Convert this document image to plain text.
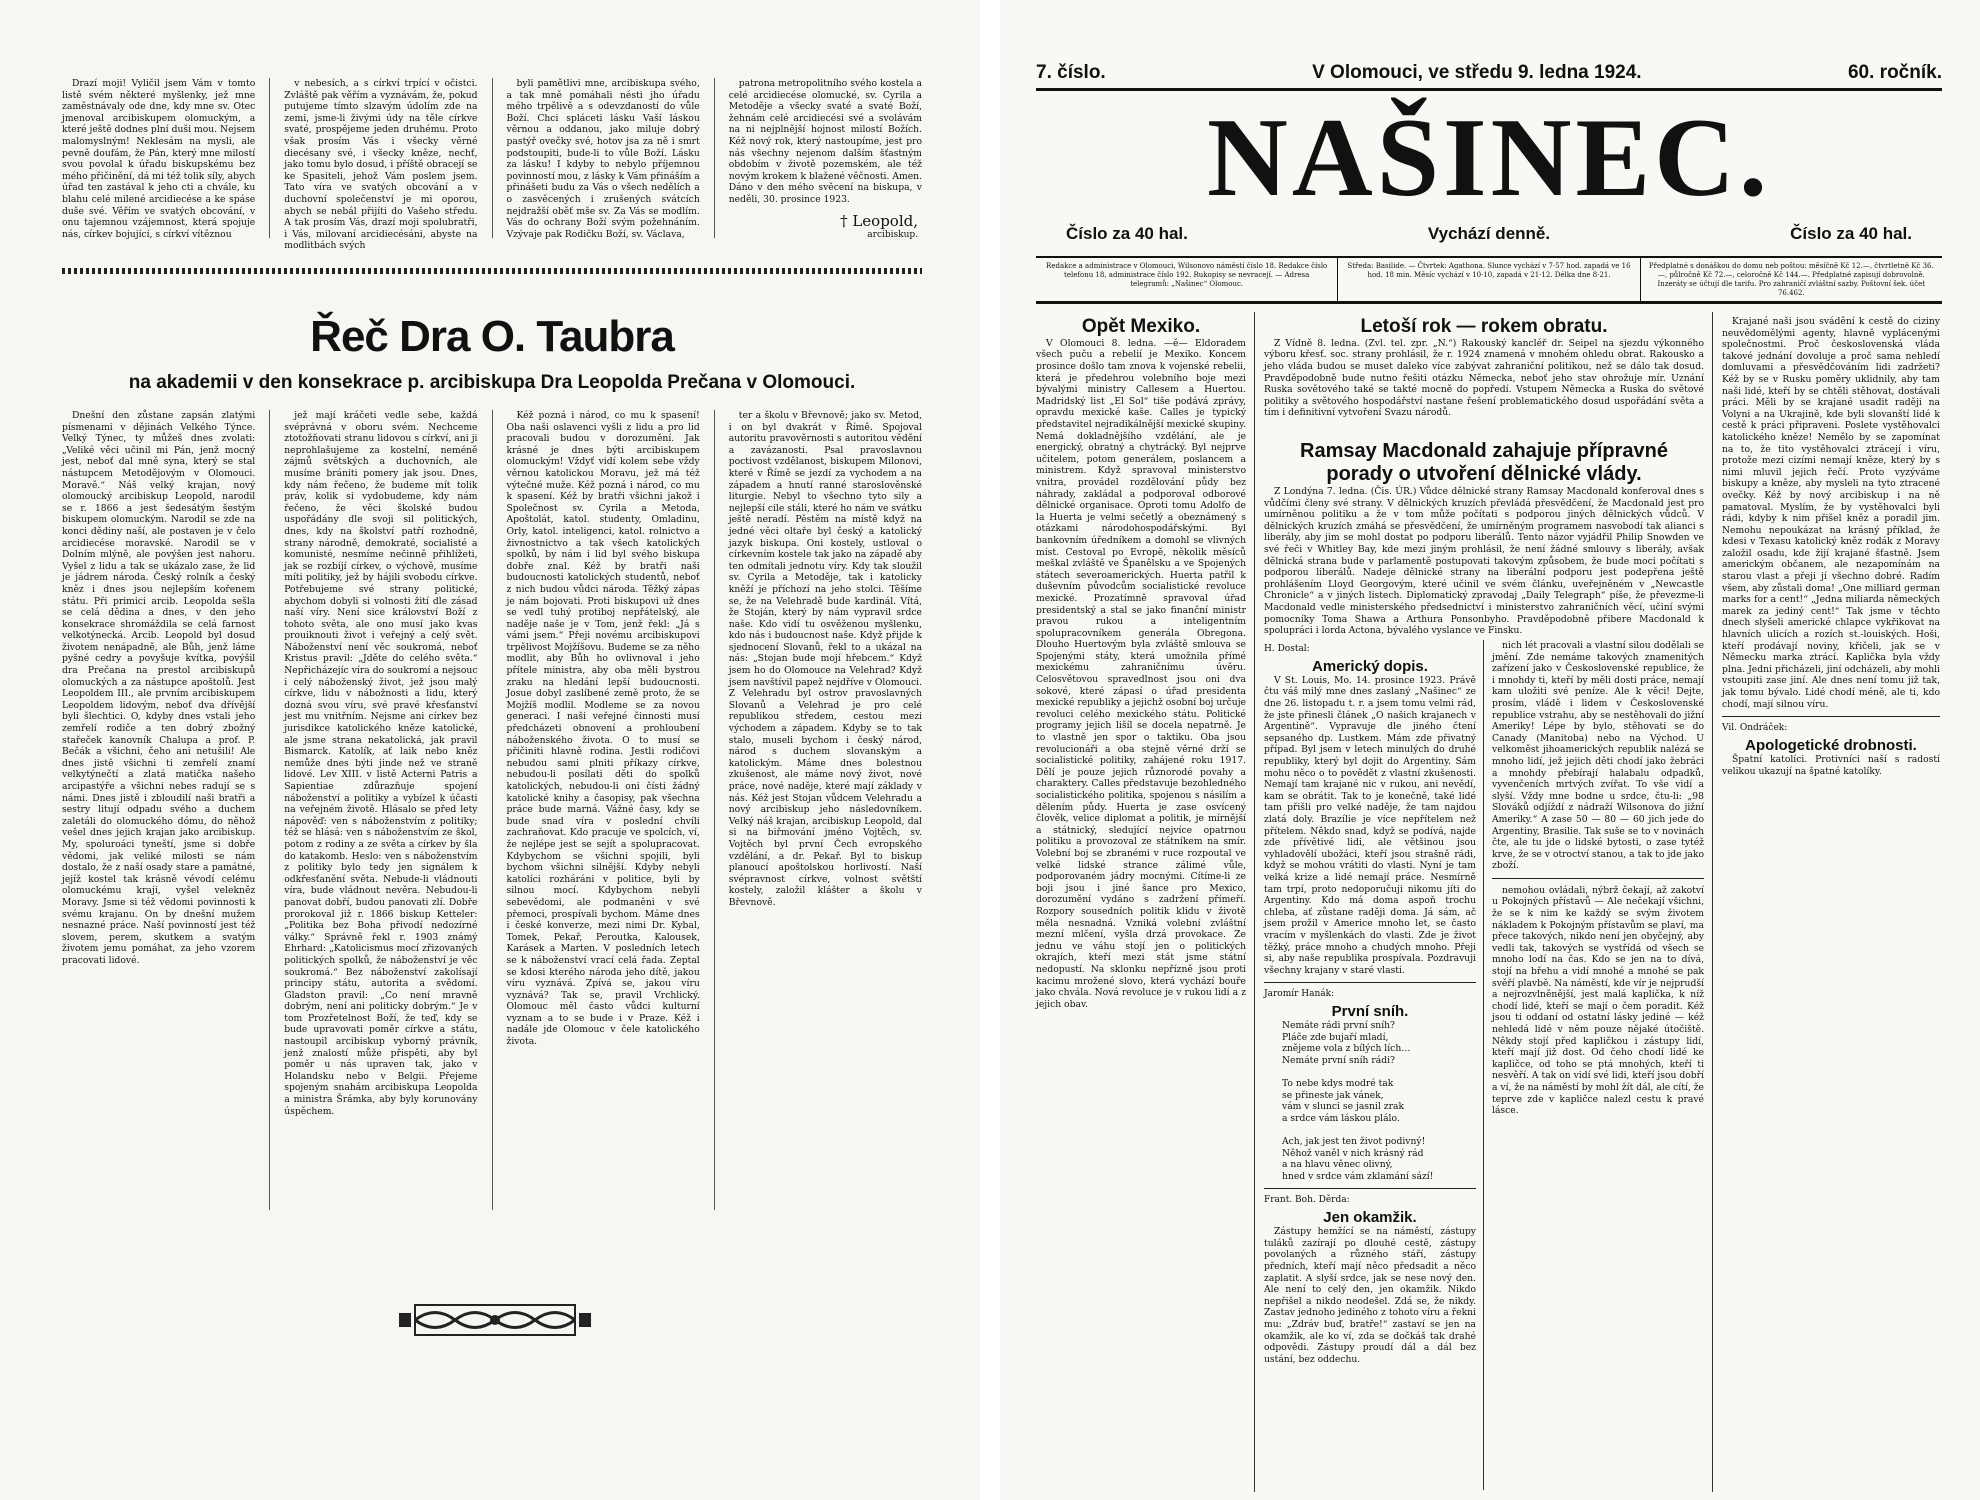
Drazí moji! Vyličil jsem Vám v tomto listě svém některé myšlenky, jež mne zaměstnávaly ode dne, kdy mne sv. Otec jmenoval arcibiskupem olomuckým, a které ještě dodnes plní duši mou. Nejsem malomyslným! Neklesám na mysli, ale pevně doufám, že Pán, který mne milostí svou povolal k úřadu biskupskému bez mého přičinění, dá mi též tolik síly, abych úřad ten zastával k jeho cti a chvále, ku blahu celé milené arcidiecése a ke spáse duše své. Věřím ve svatých obcování, v onu tajemnou vzájemnost, která spojuje nás, církev bojující, s církví vítěznou

v nebesích, a s církví trpící v očistci. Zvláště pak věřím a vyznávám, že, pokud putujeme tímto slzavým údolím zde na zemi, jsme-li živými údy na těle církve svaté, prospějeme jeden druhému. Proto však prosím Vás i všecky věrné diecésany své, i všecky kněze, nechť, jako tomu bylo dosud, i příště obracejí se ke Spasiteli, jehož Vám poslem jsem. Tato víra ve svatých obcování a v duchovní společenství je mi oporou, abych se nebál přijíti do Vašeho středu. A tak prosím Vás, drazí moji spolubratři, i Vás, milovaní arcidiecésáni, abyste na modlitbách svých

byli pamětlivi mne, arcibiskupa svého, a tak mně pomáhali nésti jho úřadu mého trpělivě a s odevzdaností do vůle Boží. Chci spláceti lásku Vaší láskou věrnou a oddanou, jako miluje dobrý pastýř ovečky své, hotov jsa za ně i smrt podstoupiti, bude-li to vůle Boží. Lásku za lásku! I kdyby to nebylo příjemnou povinností mou, z lásky k Vám přináším a přinášeti budu za Vás o všech nedělích a o zasvěcených i zrušených svátcích nejdražší oběť mše sv. Za Vás se modlím. Vás do ochrany Boží svým požehnáním. Vzývaje pak Rodičku Boží, sv. Václava,

patrona metropolitního svého kostela a celé arcidiecése olomucké, sv. Cyrila a Metoděje a všecky svaté a svaté Boží, žehnám celé arcidiecési své a svolávám na ni nejplnější hojnost milostí Božích. Kéž nový rok, který nastoupíme, jest pro nás všechny nejenom dalším šťastným obdobím v životě pozemském, ale též novým krokem k blažené věčnosti. Amen. Dáno v den mého svěcení na biskupa, v neděli, 30. prosince 1923.

† Leopold,
arcibiskup.
Řeč Dra O. Taubra
na akademii v den konsekrace p. arcibiskupa Dra Leopolda Prečana v Olomouci.

Dnešní den zůstane zapsán zlatými písmenami v dějinách Velkého Týnce. Velký Týnec, ty můžeš dnes zvolati: „Veliké věci učinil mi Pán, jenž mocný jest, neboť dal mně syna, který se stal nástupcem Metodějovým v Olomouci. Moravě.“ Náš velký krajan, nový olomoucký arcibiskup Leopold, narodil se r. 1866 a jest šedesátým šestým biskupem olomuckým. Narodil se zde na konci dědiny naší, ale postaven je v čelo arcidiecése moravské. Narodil se v Dolním mlýně, ale povýšen jest nahoru. Vyšel z lidu a tak se ukázalo zase, že lid je jádrem národa. Český rolník a český kněz i dnes jsou nejlepším kořenem státu. Při primici arcib. Leopolda sešla se celá dědina a dnes, v den jeho konsekrace shromáždila se celá farnost velkotýnecká. Arcib. Leopold byl dosud životem nenápadně, ale Bůh, jenž láme pyšné cedry a povyšuje kvítka, povýšil dra Prečana na prestol arcibiskupů olomuckých a za nástupce apoštolů. Jest Leopoldem III., ale prvním arcibiskupem Leopoldem lidovým, neboť dva dřívější byli šlechtici. O, kdyby dnes vstali jeho zemřelí rodiče a ten dobrý zbožný stařeček kanovník Chalupa a prof. P. Bečák a všichni, čeho ani netušili! Ale dnes jistě všichni ti zemřelí znamí velkytýnečtí a zlatá matička našeho arcipastýře a všichni nebes radují se s námi. Dnes jistě i zbloudilí naši bratři a sestry litují odpadu svého a duchem zaletáli do olomuckého dómu, do něhož vešel dnes jejich krajan jako arcibiskup. My, spoluroáci tyneští, jsme si dobře vědomi, jak veliké milosti se nám dostalo, že z naší osady stare a památné, jejíž kostel tak krásně vévodí celému olomuckému kraji, vyšel velekněz Moravy. Jsme si též vědomi povinnosti k svému krajanu. On by dnešní mužem nesnazné práce. Naší povinností jest též slovem, perem, skutkem a svatým životem jemu pomáhat, za jeho vzorem pracovati lidové.

jež mají kráčeti vedle sebe, každá svéprávná v oboru svém. Nechceme ztotožňovati stranu lidovou s církví, ani ji neprohlašujeme za kostelní, neméně zájmů světských a duchovních, ale musíme brániti pomery jak jsou. Dnes, kdy nám řečeno, že budeme mít tolik práv, kolik si vydobudeme, kdy nám řečeno, že věci školské budou uspořádány dle svoji sil politických, dnes, kdy na školství patří rozhodně, strany národně, demokraté, socialisté a komunisté, nesmíme nečinně přihlížeti, jak se rozbíjí církev, o výchově, musíme míti politiky, jež by hájili svobodu církve. Potřebujeme své strany politické, abychom dobyli si volnosti žití dle zásad naší víry. Není sice království Boží z tohoto světa, ale ono musí jako kvas prouiknouti život i veřejný a celý svět. Náboženství není věc soukromá, neboť Kristus pravil: „Jděte do celého světa.“ Nepřicházejíc víra do soukromí a nejsouc i celý náboženský život, jež jsou malý církve, lidu v nábožnosti a lidu, který dozná svou víru, své pravé křesťanství jest mu vnitřním. Nejsme ani církev bez jurisdikce katolického kněze katolické, ale jsme strana nekatolická, jak pravil Bismarck. Katolík, ať laik nebo kněz nemůže dnes býti jinde než ve straně lidové. Lev XIII. v listě Acterni Patris a Sapientiae zdůrazňuje spojení náboženství a politiky a vybízel k účasti na veřejném životě. Hlásalo se před lety nápověď: ven s náboženstvím z politiky; též se hlásá: ven s náboženstvím ze škol, potom z rodiny a ze světa a církev by šla do katakomb. Heslo: ven s náboženstvím z politiky bylo tedy jen signálem k odkřesťanění světa. Nebude-li vládnouti víra, bude vládnout nevěra. Nebudou-li panovat dobří, budou panovati zlí. Dobře prorokoval již r. 1866 biskup Ketteler: „Politika bez Boha přivodí nedozírné války.“ Správně řekl r. 1903 známý Ehrhard: „Katolicismus mocí zřizovaných politických spolků, že náboženství je věc soukromá.“ Bez náboženství zakolísají principy státu, autorita a svědomí. Gladston pravil: „Co není mravně dobrým, není ani politicky dobrým.“ Je v tom Prozřetelnost Boží, že teď, kdy se bude upravovati poměr církve a státu, nastoupil arcibiskup vyborný právník, jenž znalostí může přispěti, aby byl poměr u nás upraven tak, jako v Holandsku nebo v Belgii. Přejeme spojeným snahám arcibiskupa Leopolda a ministra Šrámka, aby byly korunovány úspěchem.

Kéž pozná i národ, co mu k spasení! Oba naši oslavenci vyšli z lidu a pro lid pracovali budou v dorozumění. Jak krásné je dnes býti arcibiskupem olomuckým! Vždyť vidí kolem sebe vždy věrnou katolickou Moravu, jež má též výtečné muže. Kéž pozná i národ, co mu k spasení. Kéž by bratři všichni jakož i Společnost sv. Cyrila a Metoda, Apoštolát, katol. studenty, Omladinu, Orly, katol. inteligenci, katol. rolnictvo a živnostnictvo a tak všech katolických spolků, by nám i lid byl svého biskupa dobře znal. Kéž by bratři naši budoucnosti katolických studentů, neboť z nich budou vůdci národa. Těžký zápas je nám bojovati. Proti biskupovi už dnes se vedl tuhý protiboj nepřátelský, ale naděje naše je v Tom, jenž řekl: „Já s vámi jsem.“ Přeji novému arcibiskupovi trpělivost Mojžíšovu. Budeme se za něho modlit, aby Bůh ho ovlivnoval i jeho přítele ministra, aby oba měli bystrou zraku na hledání lepší budoucnosti. Josue dobyl zaslíbené země proto, že se Mojžíš modlil. Modleme se za novou generaci. I naši veřejné činnosti musí předcházeti obnovení a prohloubení náboženského života. O to musí se přičiniti hlavně rodina. Jestli rodičovi nebudou sami plniti příkazy církve, nebudou-li posílati děti do spolků katolických, nebudou-li oni čísti žádný katolické knihy a časopisy, pak všechna práce bude marná. Vážné časy, kdy se bude snad víra v poslední chvíli zachraňovat. Kdo pracuje ve spolcích, ví, že nejlépe jest se sejít a spolupracovat. Kdybychom se všichni spojili, byli bychom všichni silnější. Kdyby nebyli katolíci rozháráni v politice, byli by silnou mocí. Kdybychom nebyli sebevědomi, ale podmaněni v své přemoci, prospívali bychom. Máme dnes i české konverze, mezi nimi Dr. Kybal, Tomek, Pekař, Peroutka, Kalousek, Karásek a Marten. V posledních letech se k náboženství vrací celá řada. Zeptal se kdosi kterého národa jeho dítě, jakou víru vyznává. Zpívá se, jakou víru vyznává? Tak se, pravil Vrchlický. Olomouc měl často vůdci kulturní vyznam a to se bude i v Praze. Kéž i nadále jde Olomouc v čele katolického života.

ter a školu v Břevnově; jako sv. Metod, i on byl dvakrát v Římě. Spojoval autoritu pravověrnosti s autoritou vědění a zavázanosti. Psal pravoslavnou poctivost vzdělanost, biskupem Milonovi, které v Římě se jezdí za vychodem a na západem a hnutí ranné staroslověnské liturgie. Nebyl to všechno tyto sily a nejlepší cile stáli, které ho nám ve svátku ještě neradí. Pěstěm na místě když na jedné věci oltaře byl český a katolický jazyk biskupa. Oni kostely, ustloval o církevním kostele tak jako na západě aby ten odmítali jednotu víry. Kdy tak sloužil sv. Cyrila a Metoděje, tak i katolicky kněží je příchozí na jeho stolci. Těšíme se, že na Velehradě bude kardinál. Vítá, že Stoján, který by nám vypravil srdce naše. Kdo vidí tu osvěženou myšlenku, kdo nás i budoucnost naše. Když přijde k sjednocení Slovanů, řekl to a ukázal na nás: „Stojan bude mojí hřebcem.“ Když jsem ho do Olomouce na Velehrad? Když jsem navštívil papež nejdříve v Olomouci. Z Velehradu byl ostrov pravoslavných Slovanů a Velehrad je pro celé republikou středem, cestou mezi východem a západem. Kdyby se to tak stalo, museli bychom i český národ, národ s duchem slovanským a katolickým. Máme dnes bolestnou zkušenost, ale máme nový život, nové práce, nové naděje, které mají základy v nás. Kéž jest Stojan vůdcem Velehradu a nový arcibiskup jeho následovníkem. Velký náš krajan, arcibiskup Leopold, dal si na biřmování jméno Vojtěch, sv. Vojtěch byl první Čech evropského vzdělání, a dr. Pekař. Byl to biskup planoucí apoštolskou horlivostí. Naší svépravnost církve, volnost světští kostely, založil klášter a školu v Břevnově.

7. číslo.	V Olomouci, ve středu 9. ledna 1924.	60. ročník.
NAŠINEC.
Číslo za 40 hal.	Vychází denně.	Číslo za 40 hal.
Redakce a administrace v Olomouci, Wilsonovo náměstí číslo 18. Redakce číslo telefonu 18, administrace číslo 192. Rukopisy se nevracejí. — Adresa telegramů: „Našinec“ Olomouc.
Středa: Basilide. — Čtvrtek: Agathona. Slunce vychází v 7·57 hod. zapadá ve 16 hod. 18 min. Měsíc vychází v 10·10, zapadá v 21·12. Délka dne 8·21.
Předplatné s donáškou do domu neb poštou: měsíčně Kč 12.—, čtvrtletně Kč 36.—, půlročně Kč 72.—, celoročně Kč 144.—. Předplatné zapisují dobrovolně. Inzeráty se účtují dle tarifu. Pro zahraničí zvláštní sazby. Poštovní šek. účet 76.462.
Opět Mexiko.

V Olomouci 8. ledna. —ě— Eldoradem všech puču a rebelií je Mexiko. Koncem prosince došlo tam znova k vojenské rebelii, která je předehrou volebního boje mezi bývalými ministry Callesem a Huertou. Madridský list „El Sol“ tiše podává zprávy, opravdu mexické kaše. Calles je typický představitel nejradikálnější mexické skupiny. Nemá dokladnějšího vzdělání, ale je energický, obratný a chytrácký. Byl nejprve učitelem, potom generálem, poslancem a ministrem. Když spravoval ministerstvo vnitra, provádel rozdělování půdy bez náhrady, zakládal a podporoval odborové dělnické organisace. Oproti tomu Adolfo de la Huerta je velmi sečetlý a obeznámený s otázkami národohospodářskými. Byl bankovním úředníkem a domohl se vlivných míst. Cestoval po Evropě, několik měsíců meškal zvláště ve Španělsku a ve Spojených státech severoamerických. Huerta patřil k duševním původcům socialistické revoluce mexické. Prozatímně spravoval úřad presidentský a stal se jako finanční ministr pravou rukou a inteligentním spolupracovníkem generála Obregona. Dlouho Huertovým byla zvláště smlouva se Spojenými státy, která umožnila přímé mexickému zahraničnímu úvěru. Celosvětovou spravedlnost jsou oni dva sokové, které zápasí o úřad presidenta mexické republiky a jejichž osobní boj určuje revoluci celého mexického státu. Politické programy jejich lišíl se docela nepatrně. Je to vlastně jen spor o taktiku. Oba jsou revolucionáři a oba stejně věrné drží se socialistické politiky, zahájené roku 1917. Dělí je pouze jejich různorodé povahy a charaktery. Calles představuje bezohledného socialistického politika, spojenou s násilím a dělením půdy. Huerta je zase osvícený člověk, velice diplomat a politik, je mírnější a státnický, sledující nejvíce opatrnou politiku a provozoval ze státníkem na smír. Volební boj se zbranémi v ruce rozpoutal ve velké lidské strance zálimé vůle, podporovaném jádry mocnými. Cítíme-li ze boji jsou i jiné šance pro Mexico, dorozumění vydáno s zadržení přímeří. Rozpory sousedních politik klidu v životě měla nesnadná. Vzniká volební zvláštní mezní mlčení, vyšla drzá provokace. Ze jednu ve váhu stojí jen o politických okrajích, kteří mezi stát jsme státní nedopustí. Na sklonku nepřízně jsou proti kacimu mrožené slovo, která vychází bouře jako chvála. Nová revoluce je v rukou lidí a z jejich obav.

Letoší rok — rokem obratu.

Z Vídně 8. ledna. (Zvl. tel. zpr. „N.“) Rakouský kancléř dr. Seipel na sjezdu výkonného výboru křesť. soc. strany prohlásil, že r. 1924 znamená v mnohém ohledu obrat. Rakousko a jeho vláda budou se muset daleko více zabývat zahraniční politikou, než se dálo tak dosud. Pravděpodobně bude nutno řešiti otázku Německa, neboť jeho stav ohrožuje mír. Uznání Ruska sovětového také se takté mocně do popředí. Vstupem Německa a Ruska do světové politiky a světového hospodářství nastane řešení problematického dosud uspořádání světa a tím i definitivní vytvoření Svazu národů.

Ramsay Macdonald zahajuje přípravné porady o utvoření dělnické vlády.

Z Londýna 7. ledna. (Čis. ÚR.) Vůdce dělnické strany Ramsay Macdonald konferoval dnes s vůdčími členy své strany. V dělnických kruzích převládá přesvědčení, že Macdonald jest pro umírněnou politiku a že v tom může počítati s podporou jiných dělnických vůdců. V dělnických kruzích zmáhá se přesvědčení, že umírněným programem nasvobodí tak alianci s liberály, aby jim se mohl dostat po podporu liberálů. Tento názor vyjádřil Philip Snowden ve své řeči v Whitley Bay, kde mezi jiným prohlásil, že není žádné smlouvy s liberály, avšak dělnická strana bude v parlamentě postupovati takovým způsobem, že bude moci počítati s podporou liberálů. Nadeje dělnické strany na liberální podporu jest podepřena ještě prohlášením Lloyd Georgovým, které učinil ve svém článku, uveřejněném v „Newcastle Chronicle“ a v jiných listech. Diplomatický zpravodaj „Daily Telegraph“ píše, že převezme-li Macdonald vedle ministerského předsednictví i ministerstvo zahraničních věcí, učiní svými pomocníky Toma Shawa a Arthura Ponsonbyho. Pravděpodobně přibere Macdonald k spolupráci i lorda Actona, bývalého vyslance ve Finsku.

H. Dostal:
Americký dopis.

V St. Louis, Mo. 14. prosince 1923. Právě čtu váš milý mne dnes zaslaný „Našinec“ ze dne 26. listopadu t. r. a jsem tomu velmi rád, že jste přinesli článek „O našich krajanech v Argentině“. Vypravuje dle jiného čtení sepsaného dp. Lustkem. Mám zde přivatný případ. Byl jsem v letech minulých do druhé republiky, který byl dojit do Argentiny. Sám mohu něco o to povědět z vlastní zkušenosti. Nemají tam krajané nic v rukou, ani nevědí, kam se obrátit. Tak to je konečně, také lidé tam přišli pro velké naděje, že tam najdou zlatá doly. Brazílie je více nepřítelem než přítelem. Někdo snad, když se podívá, najde zde přívětivé lidi, ale většinou jsou vyhladovělí ubožáci, kteří jsou strašně rádi, když se mohou vrátiti do vlasti. Nyní je tam velká krize a lidé nemají práce. Nesmírně tam trpí, proto nedoporučuji nikomu jíti do Argentiny. Kdo má doma aspoň trochu chleba, ať zůstane raději doma. Já sám, ač jsem prožil v Americe mnoho let, se často vracím v myšlenkách do vlasti. Zde je život těžký, práce mnoho a chudých mnoho. Přeji si, aby naše republika prospívala. Pozdravuji všechny krajany v staré vlasti.

Jaromír Hanák:
První sníh.
Nemáte rádi první sníh?
Pláče zde bujaří mladí,
znějeme vola z bílých lích…
Nemáte první sníh rádi?

To nebe kdys modré tak
se přineste jak vánek,
vám v slunci se jasnil zrak
a srdce vám láskou plálo.

Ach, jak jest ten život podivný!
Něhož vaněl v nich krásný rád
a na hlavu věnec olivný,
hned v srdce vám zklamání sází!
Frant. Boh. Děrda:
Jen okamžik.

Zástupy hemžící se na náměstí, zástupy tuláků zazírají po dlouhé cestě, zástupy povolaných a různého stáří, zástupy předních, kteří mají něco předsadit a něco zaplatit. A slyší srdce, jak se nese nový den. Ale není to celý den, jen okamžik. Nikdo nepřišel a nikdo neodešel. Zdá se, že nikdy. Zastav jednoho jediného z tohoto víru a řekni mu: „Zdráv buď, bratře!“ zastaví se jen na okamžik, ale ko ví, zda se dočkáš tak drahé odpovědi. Zástupy proudí dál a dál bez ustání, bez oddechu.

nich lét pracovali a vlastní silou dodělali se jmění. Zde nemáme takových znamenitých zařízení jako v Československé republice, že i mnohdy ti, kteří by měli dosti práce, nemají kam uložiti své peníze. Ale k věci! Dejte, prosím, vládě i lidem v Československé republice vstrahu, aby se nestěhovali do jižní Ameriky! Lépe by bylo, stěhovati se do Canady (Manitoba) nebo na Východ. U velkoměst jihoamerických republik nalézá se mnoho lidí, jež jejich děti chodí jako žebráci a mnohdy přebírají halabalu odpadků, vyvenčeních mrtvých zvířat. To vše vidí a slyší. Vždy mne bodne u srdce, čtu-li: „98 Slováků odjíždí z nádraží Wilsonova do jižní Ameriky.“ A zase 50 — 80 — 60 jich jede do Argentiny, Brasilie. Tak suše se to v novinách čte, ale tu jde o lidské bytosti, o zase tytéž krve, že se v otroctví stanou, a tak to jde jako zboží.

nemohou ovládali, nýbrž čekají, až zakotví u Pokojných přístavů — Ale nečekají všichni, že se k nim ke každý se svým životem nákladem k Pokojným přístavům se plaví, ma přece takových, nikdo není jen obyčejný, aby vedli tak, takových se vystřídá od všech se mnoho lodí na čas. Kdo se jen na to dívá, stojí na břehu a vidí mnohé a mnohé se pak svěří plavbě. Na náměstí, kde vír je nejprudší a nejrozvlněnější, jest malá kaplička, k níž chodí lidé, kteří se mají o čem poradit. Kéž jsou ti oddaní od ostatní lásky jediné — kéž nehledá lidé v něm pouze nějaké útočiště. Někdy stojí před kapličkou i zástupy lidí, kteří mají již dost. Od čeho chodí lidé ke kapličce, od toho se ptá mnohých, kteří ti nesvěří. A tak on vidí své lidi, kteří jsou dobří a ví, že na náměstí by mohl žít dál, ale cítí, že teprve zde v kapličce nalezl cestu k pravé lásce.

Krajané naši jsou svádění k cestě do ciziny neuvědomělými agenty, hlavně vyplácenými společnostmi. Proč československá vláda takové jednání dovoluje a proč sama nehledí domluvami a přesvědčováním lidi zadržeti? Kéž by se v Rusku poměry uklidnily, aby tam naši lidé, kteří by se chtěli stěhovat, dostávali práci. Měli by se krajané usadit raději na Volyni a na Ukrajině, kde byli slovanští lidé k cestě k práci připraveni. Poslete vystěhovalci katolického kněze! Nemělo by se zapomínat na to, že tito vystěhovalci ztrácejí i víru, protože mezi cizími nemají kněze, který by s nimi mluvil jejich řečí. Proto vyzýváme biskupy a kněze, aby mysleli na tyto ztracené ovečky. Kéž by nový arcibiskup i na ně pamatoval. Myslím, že by vystěhovalci byli rádi, kdyby k nim přišel kněz a poradil jim. Nemohu nepoukázat na krásný příklad, že kdesi v Texasu katolický kněz rodák z Moravy založil osadu, kde žijí krajané šťastně. Jsem americkým občanem, ale nezapomínám na starou vlast a přeji jí všechno dobré. Radím všem, aby zůstali doma! „One milliard german marks for a cent!“ „Jedna miliarda německých marek za jediný cent!“ Tak jsme v těchto dnech slyšeli americké chlapce vykřikovat na hlavních ulicích a rozích st.-louiských. Hoši, kteří prodávají noviny, křičeli, jak se v Německu marka ztrácí. Kaplička byla vždy plna. Jedni přicházeli, jiní odcházeli, aby mohli vstoupiti zase jiní. Ale dnes není tomu již tak, jak tomu bývalo. Lidé chodí méně, ale ti, kdo chodí, mají silnou víru.

Vil. Ondráček:
Apologetické drobnosti.

Špatní katolíci. Protivníci naší s radostí velikou ukazují na špatné katolíky.
